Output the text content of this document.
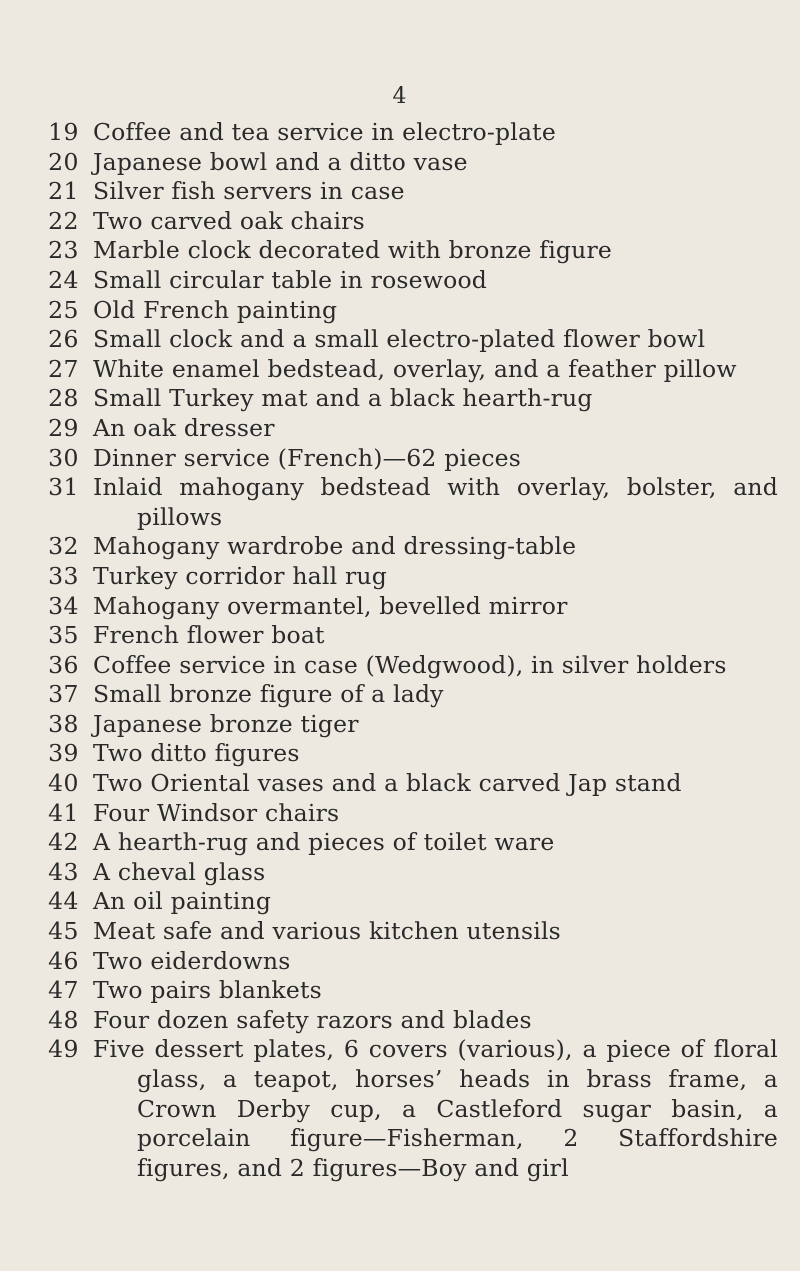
4
19 Coffee and tea service in electro-plate
20 Japanese bowl and a ditto vase
21 Silver fish servers in case
22 Two carved oak chairs
23 Marble clock decorated with bronze figure
24 Small circular table in rosewood
25 Old French painting
26 Small clock and a small electro-plated flower bowl
27 White enamel bedstead, overlay, and a feather pillow
28 Small Turkey mat and a black hearth-rug
29 An oak dresser
30 Dinner service (French)—62 pieces
31 Inlaid mahogany bedstead with overlay, bolster, and pillows
32 Mahogany wardrobe and dressing-table
33 Turkey corridor hall rug
34 Mahogany overmantel, bevelled mirror
35 French flower boat
36 Coffee service in case (Wedgwood), in silver holders
37 Small bronze figure of a lady
38 Japanese bronze tiger
39 Two ditto figures
40 Two Oriental vases and a black carved Jap stand
41 Four Windsor chairs
42 A hearth-rug and pieces of toilet ware
43 A cheval glass
44 An oil painting
45 Meat safe and various kitchen utensils
46 Two eiderdowns
47 Two pairs blankets
48 Four dozen safety razors and blades
49 Five dessert plates, 6 covers (various), a piece of floral glass, a teapot, horses’ heads in brass frame, a Crown Derby cup, a Castleford sugar basin, a porcelain figure—Fisherman, 2 Staffordshire figures, and 2 figures—Boy and girl
